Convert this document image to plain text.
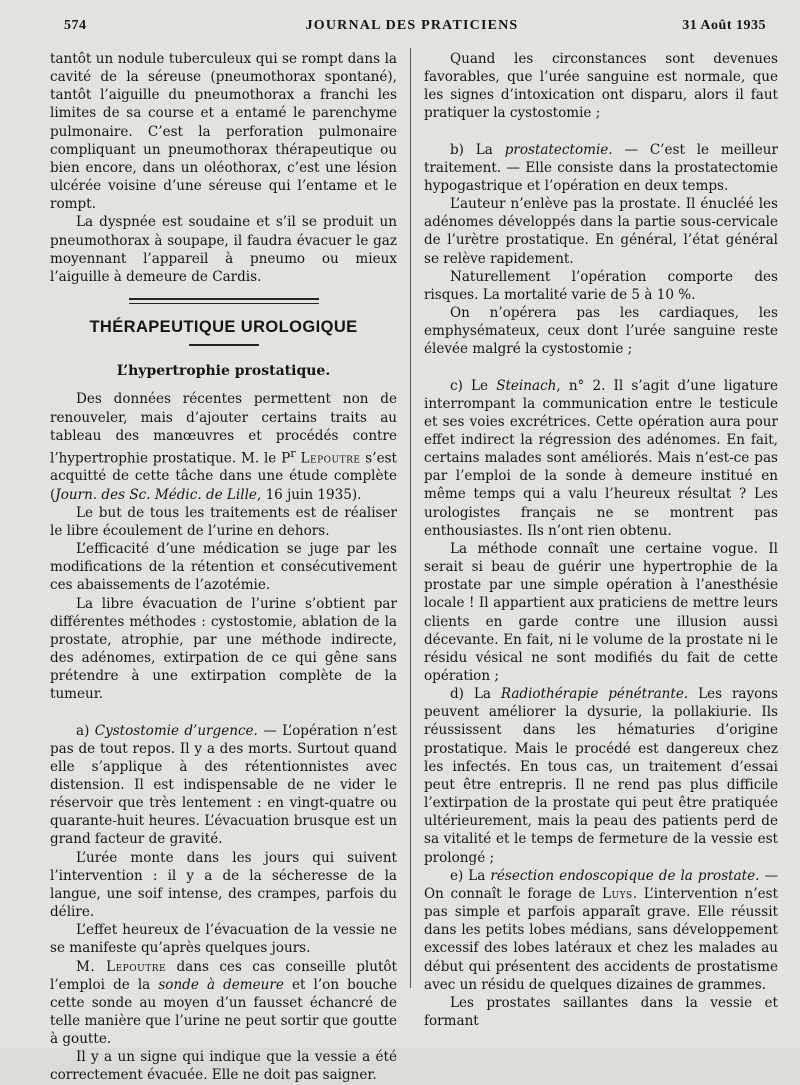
574	JOURNAL DES PRATICIENS	31 Août 1935

tantôt un nodule tuberculeux qui se rompt dans la cavité de la séreuse (pneumothorax spontané), tantôt l’aiguille du pneumothorax a franchi les limites de sa course et a entamé le parenchyme pulmonaire. C’est la perforation pulmonaire compliquant un pneumothorax thérapeutique ou bien encore, dans un oléothorax, c’est une lésion ulcérée voisine d’une séreuse qui l’entame et le rompt.

La dyspnée est soudaine et s’il se produit un pneumothorax à soupape, il faudra évacuer le gaz moyennant l’appareil à pneumo ou mieux l’aiguille à demeure de Cardis.

THÉRAPEUTIQUE UROLOGIQUE
L’hypertrophie prostatique.

Des données récentes permettent non de renouveler, mais d’ajouter certains traits au tableau des manœuvres et procédés contre l’hypertrophie prostatique. M. le $P^r$ Lepoutre s’est acquitté de cette tâche dans une étude complète (Journ. des Sc. Médic. de Lille, 16 juin 1935).

Le but de tous les traitements est de réaliser le libre écoulement de l’urine en dehors.

L’efficacité d’une médication se juge par les modifications de la rétention et consécutivement ces abaissements de l’azotémie.

La libre évacuation de l’urine s’obtient par différentes méthodes : cystostomie, ablation de la prostate, atrophie, par une méthode indirecte, des adénomes, extirpation de ce qui gêne sans prétendre à une extirpation complète de la tumeur.

a) Cystostomie d’urgence. — L’opération n’est pas de tout repos. Il y a des morts. Surtout quand elle s’applique à des rétentionnistes avec distension. Il est indispensable de ne vider le réservoir que très lentement : en vingt-quatre ou quarante-huit heures. L’évacuation brusque est un grand facteur de gravité.

L’urée monte dans les jours qui suivent l’intervention : il y a de la sécheresse de la langue, une soif intense, des crampes, parfois du délire.

L’effet heureux de l’évacuation de la vessie ne se manifeste qu’après quelques jours.

M. Lepoutre dans ces cas conseille plutôt l’emploi de la sonde à demeure et l’on bouche cette sonde au moyen d’un fausset échancré de telle manière que l’urine ne peut sortir que goutte à goutte.

Il y a un signe qui indique que la vessie a été correctement évacuée. Elle ne doit pas saigner.

Quand les circonstances sont devenues favorables, que l’urée sanguine est normale, que les signes d’intoxication ont disparu, alors il faut pratiquer la cystostomie ;

b) La prostatectomie. — C’est le meilleur traitement. — Elle consiste dans la prostatectomie hypogastrique et l’opération en deux temps.

L’auteur n’enlève pas la prostate. Il énucléé les adénomes développés dans la partie sous-cervicale de l’urètre prostatique. En général, l’état général se relève rapidement.

Naturellement l’opération comporte des risques. La mortalité varie de 5 à 10 %.

On n’opérera pas les cardiaques, les emphysémateux, ceux dont l’urée sanguine reste élevée malgré la cystostomie ;

c) Le Steinach, n° 2. Il s’agit d’une ligature interrompant la communication entre le testicule et ses voies excrétrices. Cette opération aura pour effet indirect la régression des adénomes. En fait, certains malades sont améliorés. Mais n’est-ce pas par l’emploi de la sonde à demeure institué en même temps qui a valu l’heureux résultat ? Les urologistes français ne se montrent pas enthousiastes. Ils n’ont rien obtenu.

La méthode connaît une certaine vogue. Il serait si beau de guérir une hypertrophie de la prostate par une simple opération à l’anesthésie locale ! Il appartient aux praticiens de mettre leurs clients en garde contre une illusion aussi décevante. En fait, ni le volume de la prostate ni le résidu vésical ne sont modifiés du fait de cette opération ;

d) La Radiothérapie pénétrante. Les rayons peuvent améliorer la dysurie, la pollakiurie. Ils réussissent dans les hématuries d’origine prostatique. Mais le procédé est dangereux chez les infectés. En tous cas, un traitement d’essai peut être entrepris. Il ne rend pas plus difficile l’extirpation de la prostate qui peut être pratiquée ultérieurement, mais la peau des patients perd de sa vitalité et le temps de fermeture de la vessie est prolongé ;

e) La résection endoscopique de la prostate. — On connaît le forage de Luys. L’intervention n’est pas simple et parfois apparaît grave. Elle réussit dans les petits lobes médians, sans développement excessif des lobes latéraux et chez les malades au début qui présentent des accidents de prostatisme avec un résidu de quelques dizaines de grammes.

Les prostates saillantes dans la vessie et formant
